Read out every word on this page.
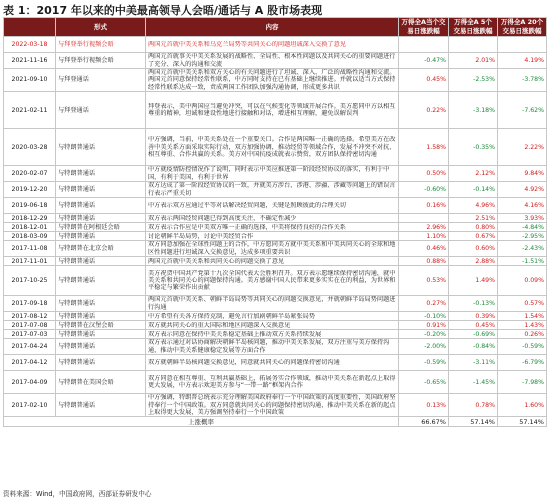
表 1：2017 年以来的中美最高领导人会晤/通话与 A 股市场表现
	形式	内容	万得全A当个交易日涨跌幅	万得全A 5个交易日涨跌幅	万得全A 20个交易日涨跌幅
2022-03-18	与拜登举行视频会晤	两国元首就中美关系和乌克兰局势等共同关心的问题坦诚深入交换了意见			

2021-11-16	与拜登举行视频会晤	两国元首就事关中美关系发展的战略性、全局性、根本性问题以及共同关心的重要问题进行了充分、深入的沟通和交流	-0.47%	2.01%	4.19%
2021-09-10	与拜登通话	两国元首就中美关系和双方关心的有关问题进行了坦诚、深入、广泛的战略性沟通和交流。两国元首同意保持经常性联系，中方同时支持在已有基础上继续推进。并就以适当方式保持经常性联系达成一致，责成两国工作团队加强沟通协调，形成更多共识	0.45%	-2.53%	-3.78%
2021-02-11	与拜登通话	拜登表示，美中两国应当避免冲突，可以在气候变化等领域开展合作。美方愿同中方以相互尊重的精神，坦诚和建设性地进行接触和对话，增进相互理解，避免误解误判	0.22%	-3.18%	-7.62%
2020-03-28	与特朗普通话	中方强调，当前，中美关系处在一个重要关口。合作是两国唯一正确的选择。希望美方在改善中美关系方面采取实际行动，双方加强协调，推动经贸等领域合作，发展不冲突不对抗、相互尊重、合作共赢的关系。美方对中国抗疫成就表示赞赏，双方团队保持密切沟通	1.58%	-0.35%	2.22%
2020-02-07	与特朗普通话	中方就疫情防控情况作了说明，同时表示中美应推进第一阶段经贸协议的落实，有利于中国，有利于美国，有利于世界	0.50%	2.12%	9.84%
2019-12-20	与特朗普通话	双方达成了第一阶段经贸协议的一致，并就美方涉台、涉港、涉疆、涉藏等问题上的错误言行表示严重关切	-0.60%	-0.14%	4.92%
2019-06-18	与特朗普通话	中方表示双方应通过平等对话解决经贸问题，关键是照顾彼此的合理关切	0.16%	4.96%	4.16%
2018-12-29	与特朗普通话	双方表示两国经贸问题已得到高度关注，不确定性减少		2.51%	3.93%
2018-12-01	与特朗普在阿根廷会晤	双方表示合作应是中美双方唯一正确的选择，中美将保持良好的合作关系	2.96%	0.80%	-4.84%
2018-03-09	与特朗普通话	讨论朝鲜半岛局势，讨论中美经贸合作	1.10%	0.67%	-2.95%
2017-11-08	与特朗普在北京会晤	双方同意加强在全球性问题上的合作，中方愿同美方就中美关系和中美共同关心的全球和地区性问题进行坦诚深入交换意见，达成多项重要共识	0.46%	0.60%	-2.43%
2017-11-01	与特朗普通话	两国元首就中美关系和共同关心的问题交换了意见	0.88%	2.88%	-1.51%
2017-10-25	与特朗普通话	美方祝贺中国共产党第十九次全国代表大会胜利召开。双方表示愿继续保持密切沟通，就中美关系和共同关心的问题保持沟通。美方感谢中国人民带来更多实实在在的利益，为世界和平稳定与繁荣作出贡献	0.53%	1.49%	0.09%
2017-09-18	与特朗普通话	两国元首就中美关系、朝鲜半岛局势等共同关心的问题交换意见，并就朝鲜半岛局势问题进行沟通	0.27%	-0.13%	0.57%
2017-08-12	与特朗普通话	中方希望有关各方保持克制，避免言行加剧朝鲜半岛紧张局势	-0.10%	0.39%	1.54%
2017-07-08	与特朗普在汉堡会晤	双方就共同关心的重大国际和地区问题深入交换意见	0.91%	0.45%	1.43%
2017-07-03	与特朗普通话	双方表示同意在保持中美关系稳定基础上推动双方关系持续发展	-0.20%	-0.69%	0.26%
2017-04-24	与特朗普通话	双方表示通过对话协商解决朝鲜半岛核问题，推动中美关系发展，双方注重与美方保持沟通，推动中美关系健康稳定发展等方面合作	-2.00%	-0.84%	-0.59%
2017-04-12	与特朗普通话	双方就朝鲜半岛核问题交换意见，同意就共同关心的问题保持密切沟通	-0.59%	-3.11%	-6.79%
2017-04-09	与特朗普在美国会晤	双方同意在相互尊重、互利共赢基础上，拓展务实合作领域，推动中美关系在新起点上取得更大发展，中方表示欢迎美方参与“一带一路”框架内合作	-0.65%	-1.45%	-7.98%
2017-02-10	与特朗普通话	中方强调，特朗普总统表示充分理解美国政府奉行一个中国政策的高度重要性，美国政府坚持奉行一个中国政策。双方同意就共同关心的问题保持密切沟通，推动中美关系在新的起点上取得更大发展，美方强调坚持奉行一个中国政策	0.13%	0.78%	1.60%
上涨概率			66.67%	57.14%	57.14%
资料来源：Wind，中国政府网，西部证券研发中心
